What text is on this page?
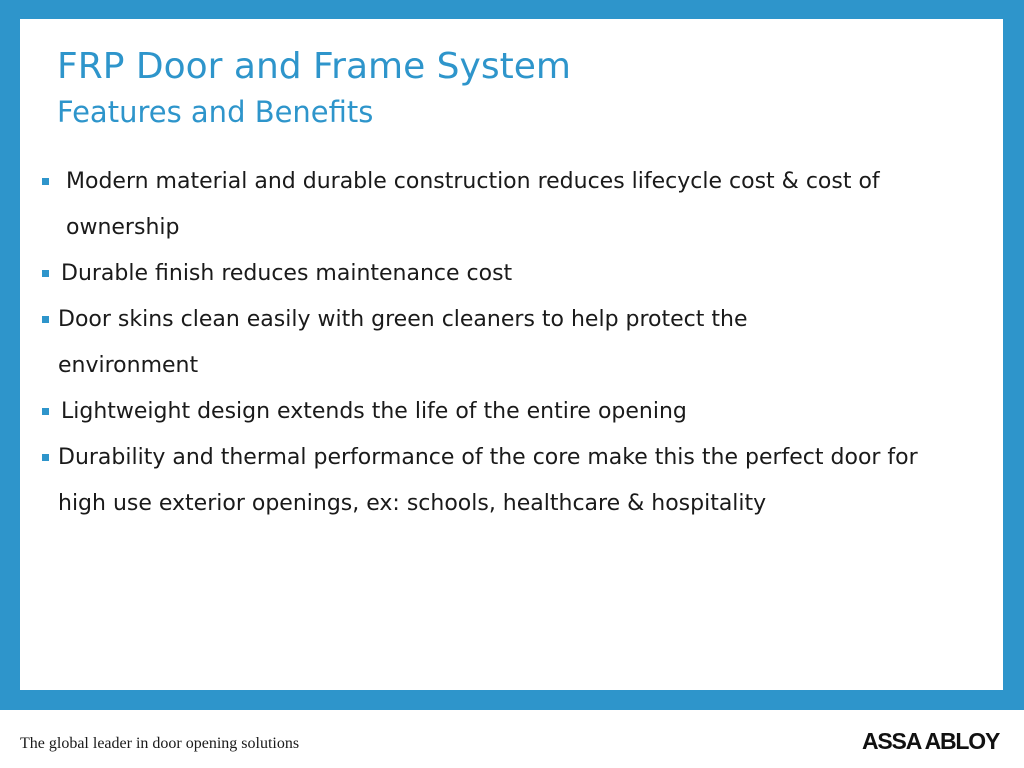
FRP Door and Frame System
Features and Benefits
Modern material and durable construction reduces lifecycle cost & cost of ownership
Durable finish reduces maintenance cost
Door skins clean easily with green cleaners to help protect the environment
Lightweight design extends the life of the entire opening
Durability and thermal performance of the core make this the perfect door for high use exterior openings, ex: schools, healthcare & hospitality
The global leader in door opening solutions	ASSA ABLOY
